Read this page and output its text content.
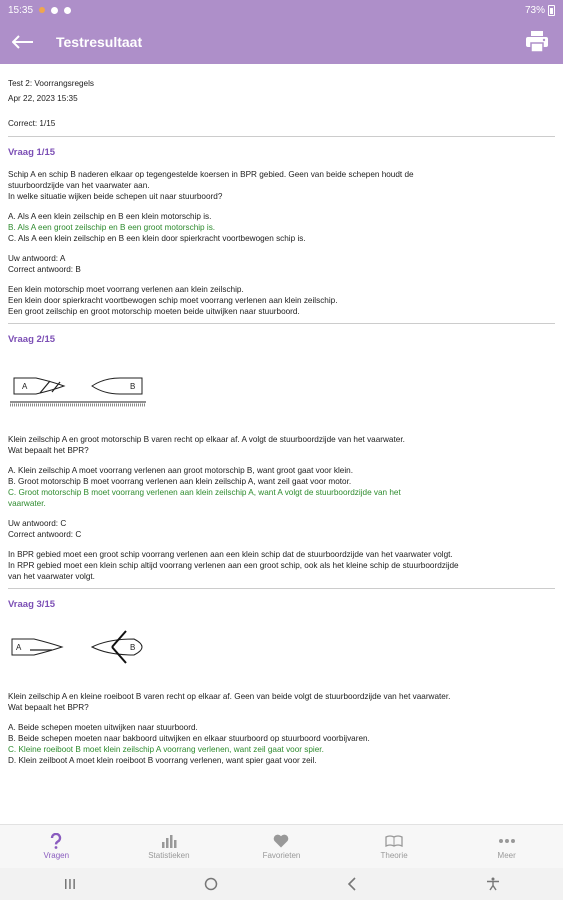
15:35	73%
Testresultaat

Test 2: Voorrangsregels

Apr 22, 2023 15:35

Correct: 1/15

Vraag 1/15
Schip A en schip B naderen elkaar op tegengestelde koersen in BPR gebied. Geen van beide schepen houdt de
stuurboordzijde van het vaarwater aan.
In welke situatie wijken beide schepen uit naar stuurboord?
A. Als A een klein zeilschip en B een klein motorschip is.
B. Als A een groot zeilschip en B een groot motorschip is.
C. Als A een klein zeilschip en B een klein door spierkracht voortbewogen schip is.
Uw antwoord: A
Correct antwoord: B
Een klein motorschip moet voorrang verlenen aan klein zeilschip.
Een klein door spierkracht voortbewogen schip moet voorrang verlenen aan klein zeilschip.
Een groot zeilschip en groot motorschip moeten beide uitwijken naar stuurboord.
Vraag 2/15
A	B
Klein zeilschip A en groot motorschip B varen recht op elkaar af. A volgt de stuurboordzijde van het vaarwater.
Wat bepaalt het BPR?
A. Klein zeilschip A moet voorrang verlenen aan groot motorschip B, want groot gaat voor klein.
B. Groot motorschip B moet voorrang verlenen aan klein zeilschip A, want zeil gaat voor motor.
C. Groot motorschip B moet voorrang verlenen aan klein zeilschip A, want A volgt de stuurboordzijde van het
vaarwater.
Uw antwoord: C
Correct antwoord: C
In BPR gebied moet een groot schip voorrang verlenen aan een klein schip dat de stuurboordzijde van het vaarwater volgt.
In RPR gebied moet een klein schip altijd voorrang verlenen aan een groot schip, ook als het kleine schip de stuurboordzijde
van het vaarwater volgt.
Vraag 3/15
A	B
Klein zeilschip A en kleine roeiboot B varen recht op elkaar af. Geen van beide volgt de stuurboordzijde van het vaarwater.
Wat bepaalt het BPR?
A. Beide schepen moeten uitwijken naar stuurboord.
B. Beide schepen moeten naar bakboord uitwijken en elkaar stuurboord op stuurboord voorbijvaren.
C. Kleine roeiboot B moet klein zeilschip A voorrang verlenen, want zeil gaat voor spier.
D. Klein zeilboot A moet klein roeiboot B voorrang verlenen, want spier gaat voor zeil.
Vragen	Statistieken	Favorieten	Theorie	Meer
